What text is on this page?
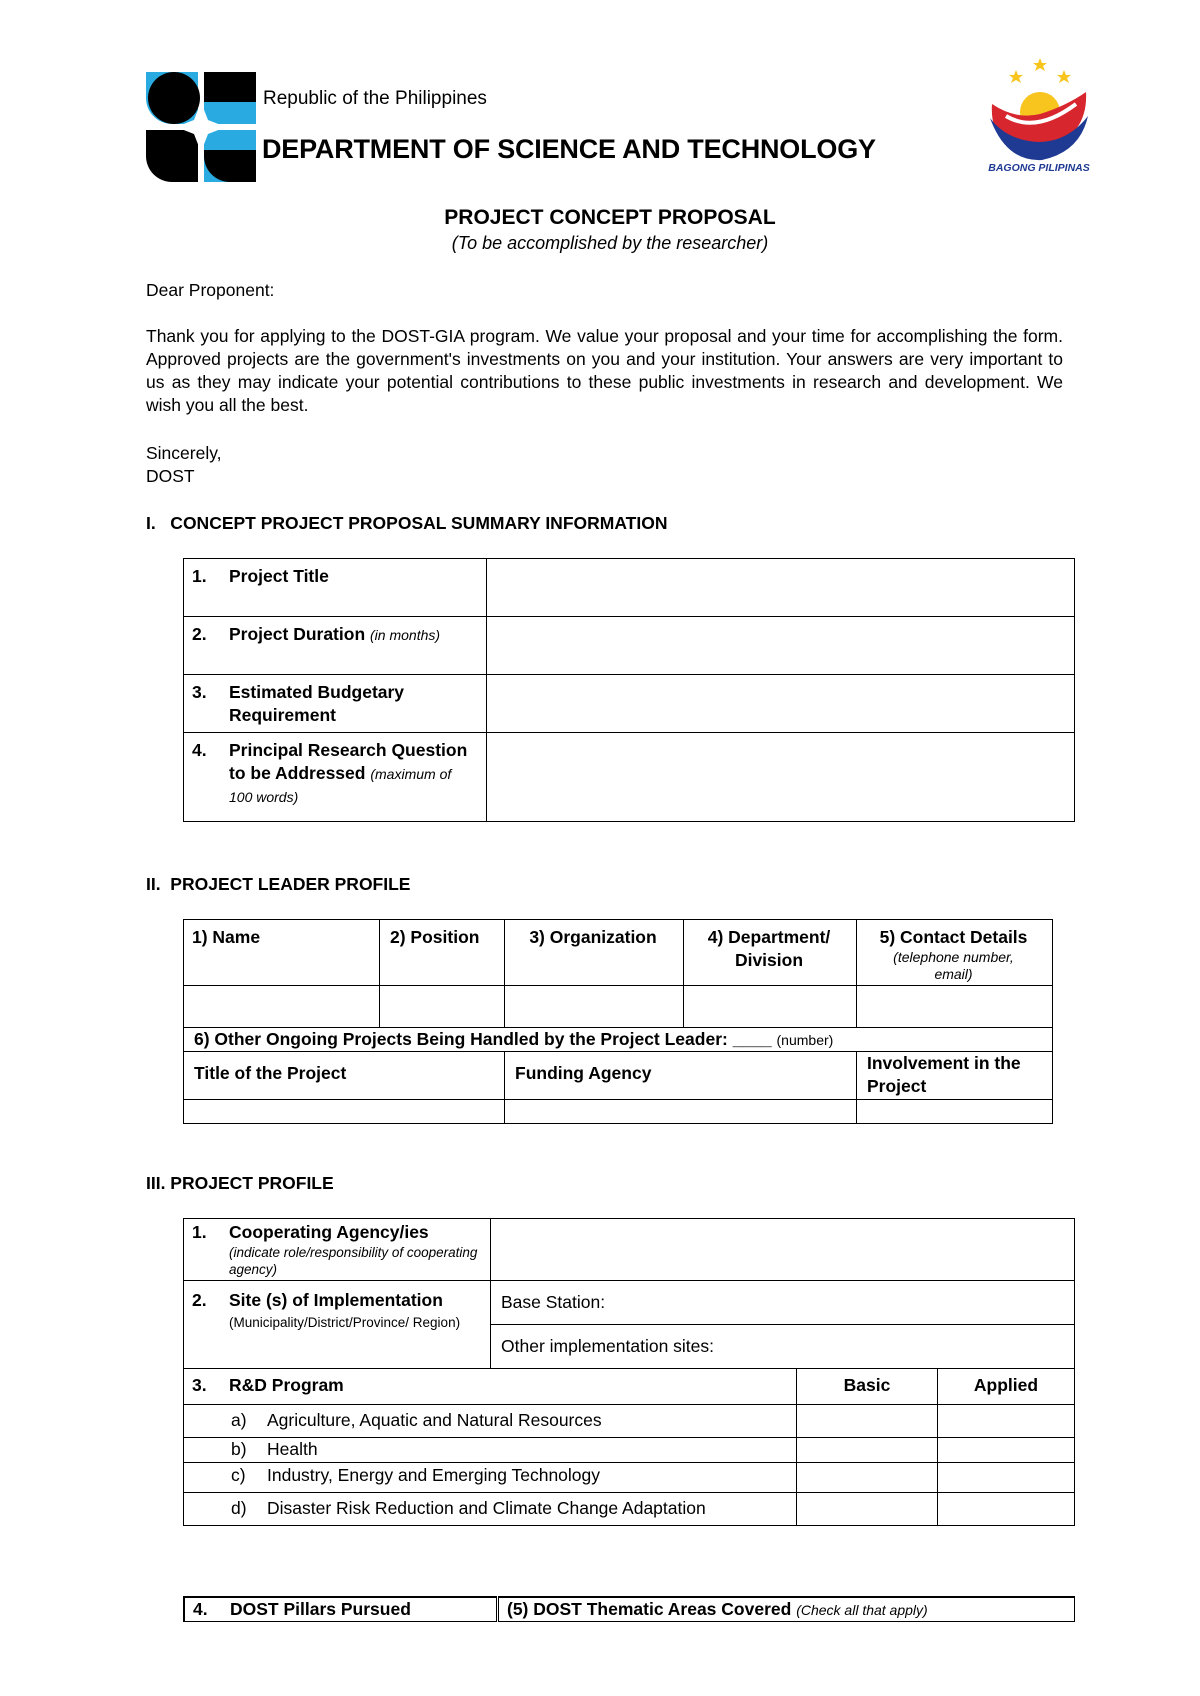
Republic of the Philippines
DEPARTMENT OF SCIENCE AND TECHNOLOGY
BAGONG PILIPINAS
PROJECT CONCEPT PROPOSAL
(To be accomplished by the researcher)
Dear Proponent:
Thank you for applying to the DOST-GIA program. We value your proposal and your time for accomplishing the form. Approved projects are the government's investments on you and your institution. Your answers are very important to us as they may indicate your potential contributions to these public investments in research and development. We wish you all the best.
Sincerely,
DOST
I.   CONCEPT PROJECT PROPOSAL SUMMARY INFORMATION
1. Project Title	

2. Project Duration (in months)	

3. Estimated Budgetary Requirement	

4. Principal Research Question to be Addressed (maximum of 100 words)	

II.  PROJECT LEADER PROFILE
1) Name	2) Position	3) Organization	4) Department/ Division	5) Contact Details
(telephone number, email)

6) Other Ongoing Projects Being Handled by the Project Leader: ____ (number)				

Title of the Project		Funding Agency		Involvement in the Project

III. PROJECT PROFILE
1. Cooperating Agency/ies
(indicate role/responsibility of cooperating agency)			

2. Site (s) of Implementation
(Municipality/District/Province/ Region)	Base Station:		

	Other implementation sites:		

3. R&D Program		Basic	Applied

a) Agriculture, Aquatic and Natural Resources			

b) Health			

c) Industry, Energy and Emerging Technology			

d) Disaster Risk Reduction and Climate Change Adaptation			

4.	DOST Pillars Pursued	(5) DOST Thematic Areas Covered (Check all that apply)
